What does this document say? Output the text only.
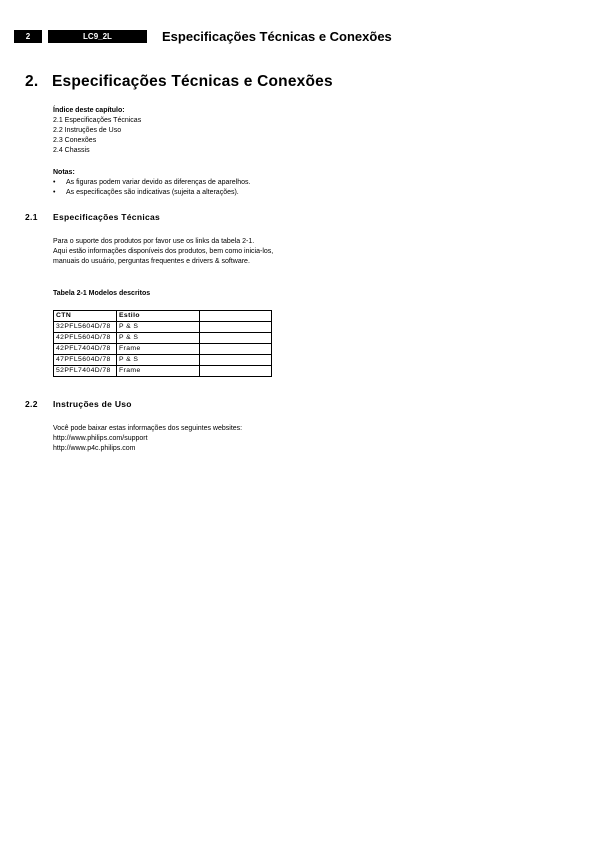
2	LC9_2L	Especificações Técnicas e Conexões
2. Especificações Técnicas e Conexões
Índice deste capítulo:
2.1 Especificações Técnicas
2.2 Instruções de Uso
2.3 Conexões
2.4 Chassis
Notas:
• As figuras podem variar devido as diferenças de aparelhos.
• As especificações são indicativas (sujeita a alterações).
2.1 Especificações Técnicas
Para o suporte dos produtos por favor use os links da tabela 2-1.
Aqui estão informações disponíveis dos produtos, bem como inicia-los,
manuais do usuário, perguntas frequentes e drivers & software.
Tabela 2-1 Modelos descritos
CTN	Estilo	
32PFL5604D/78	P & S	
42PFL5604D/78	P & S	
42PFL7404D/78	Frame	
47PFL5604D/78	P & S	
52PFL7404D/78	Frame	
2.2 Instruções de Uso
Você pode baixar estas informações dos seguintes websites:
http://www.philips.com/support
http://www.p4c.philips.com
